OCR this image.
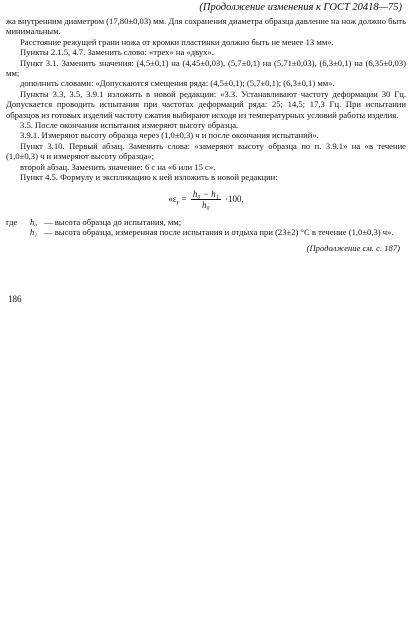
(Продолжение изменения к ГОСТ 20418—75)

жа внутренним диаметром (17,80±0,03) мм. Для сохранения диаметра образца давление на нож должно быть минимальным.

Расстояние режущей грани ножа от кромки пластинки должно быть не менее 13 мм».

Пункты 2.1.5, 4.7. Заменить слово: «трех» на «двух».

Пункт 3.1. Заменить значения: (4,5±0,1) на (4,45±0,03), (5,7±0,1) на (5,71±0,03), (6,3±0,1) на (6,35±0,03) мм;

дополнить словами: «Допускаются смещения ряда: (4,5±0,1); (5,7±0,1); (6,3±0,1) мм».

Пункты 3.3, 3.5, 3.9.1 изложить в новой редакции: «3.3. Устанавливают частоту деформации 30 Гц. Допускается проводить испытания при частотах деформаций ряда: 25; 14,5; 17,3 Гц. При испытании образцов из готовых изделий частоту сжатия выбирают исходя из температурных условий работы изделия.

3.5. После окончания испытания измеряют высоту образца.

3.9.1. Измеряют высоту образца через (1,0±0,3) ч и после окончания испытаний».

Пункт 3.10. Первый абзац. Заменить слова: «замеряют высоту образца по п. 3.9.1» на «в течение (1,0±0,3) ч и измеряют высоту образца»;

второй абзац. Заменить значение: 6 с на «6 или 15 с».

Пункт 4.5. Формулу и экспликацию к ней изложить в новой редакции:

«$\varepsilon_r = \frac{\text{h₀ − h₁}}{\text{h₀}} \cdot 100$,
где	h₀ — высота образца до испытания, мм;
h₁ — высота образца, измеренная после испытания и отдыха при (23±2) °C в течение (1,0±0,3) ч».

(Продолжение см. с. 187)

186
